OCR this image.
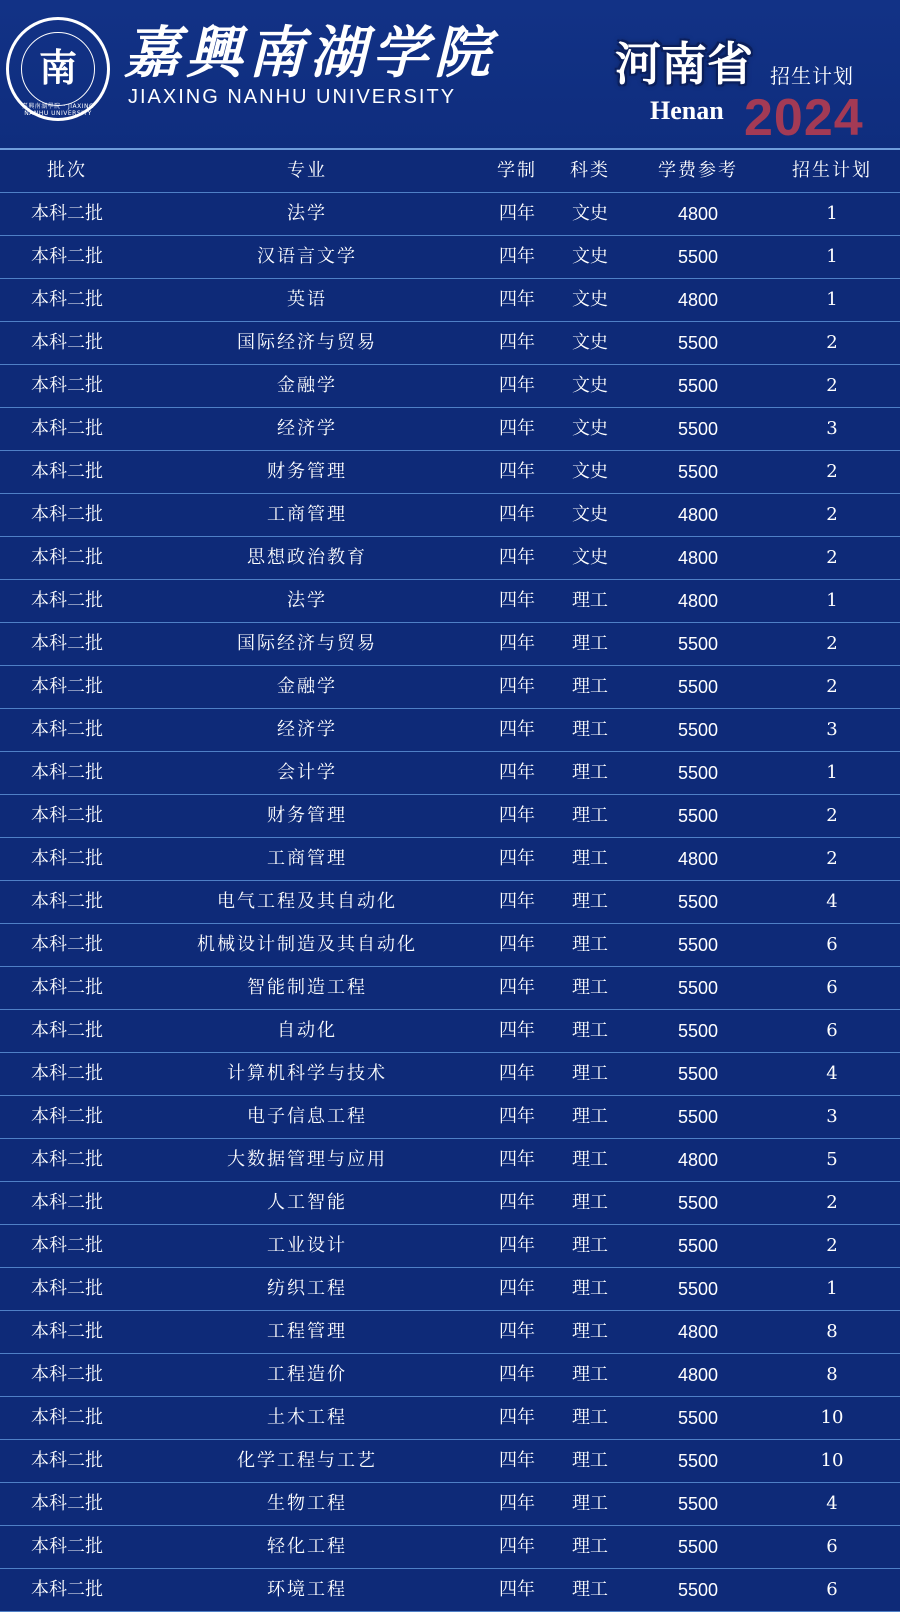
南
嘉興南湖學院 · JIAXING NANHU UNIVERSITY
嘉興南湖学院
JIAXING NANHU UNIVERSITY
河南省 招生计划
Henan 2024
批次	专业	学制	科类	学费参考	招生计划
本科二批	法学	四年	文史	4800	1
本科二批	汉语言文学	四年	文史	5500	1
本科二批	英语	四年	文史	4800	1
本科二批	国际经济与贸易	四年	文史	5500	2
本科二批	金融学	四年	文史	5500	2
本科二批	经济学	四年	文史	5500	3
本科二批	财务管理	四年	文史	5500	2
本科二批	工商管理	四年	文史	4800	2
本科二批	思想政治教育	四年	文史	4800	2
本科二批	法学	四年	理工	4800	1
本科二批	国际经济与贸易	四年	理工	5500	2
本科二批	金融学	四年	理工	5500	2
本科二批	经济学	四年	理工	5500	3
本科二批	会计学	四年	理工	5500	1
本科二批	财务管理	四年	理工	5500	2
本科二批	工商管理	四年	理工	4800	2
本科二批	电气工程及其自动化	四年	理工	5500	4
本科二批	机械设计制造及其自动化	四年	理工	5500	6
本科二批	智能制造工程	四年	理工	5500	6
本科二批	自动化	四年	理工	5500	6
本科二批	计算机科学与技术	四年	理工	5500	4
本科二批	电子信息工程	四年	理工	5500	3
本科二批	大数据管理与应用	四年	理工	4800	5
本科二批	人工智能	四年	理工	5500	2
本科二批	工业设计	四年	理工	5500	2
本科二批	纺织工程	四年	理工	5500	1
本科二批	工程管理	四年	理工	4800	8
本科二批	工程造价	四年	理工	4800	8
本科二批	土木工程	四年	理工	5500	10
本科二批	化学工程与工艺	四年	理工	5500	10
本科二批	生物工程	四年	理工	5500	4
本科二批	轻化工程	四年	理工	5500	6
本科二批	环境工程	四年	理工	5500	6
